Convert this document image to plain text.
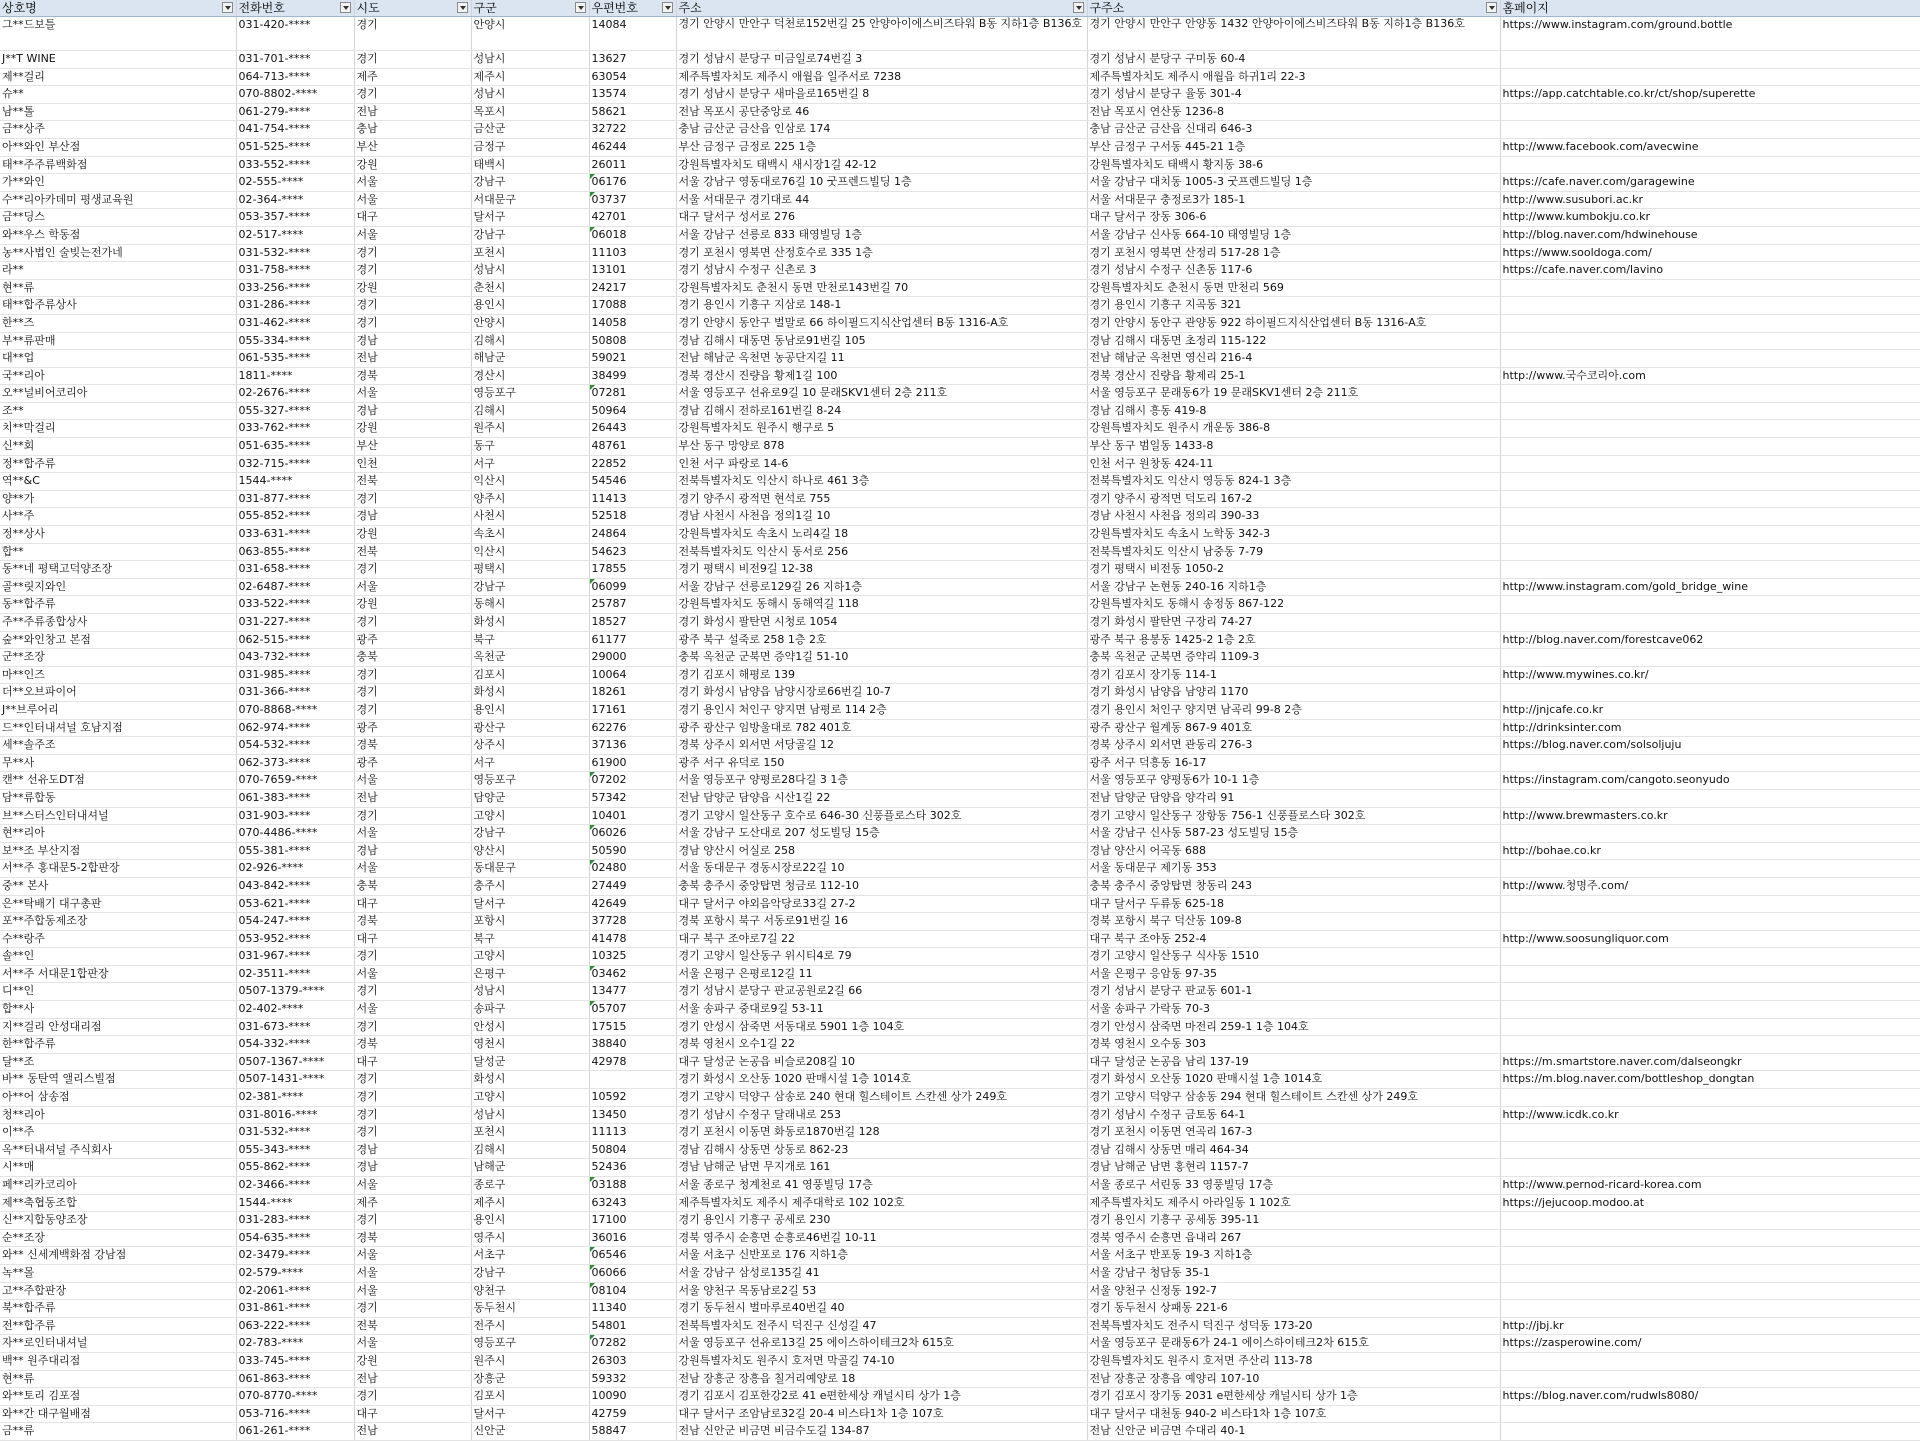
상호명	전화번호	시도	구군	우편번호	주소	구주소	홈페이지
그**드보틀	031-420-****	경기	안양시	14084	경기 안양시 만안구 덕천로152번길 25 안양아이에스비즈타워 B동 지하1층 B136호	경기 안양시 만안구 안양동 1432 안양아이에스비즈타워 B동 지하1층 B136호	https://www.instagram.com/ground.bottle
J**T WINE	031-701-****	경기	성남시	13627	경기 성남시 분당구 미금일로74번길 3	경기 성남시 분당구 구미동 60-4	
제**걸리	064-713-****	제주	제주시	63054	제주특별자치도 제주시 애월읍 일주서로 7238	제주특별자치도 제주시 애월읍 하귀1리 22-3	
슈**	070-8802-****	경기	성남시	13574	경기 성남시 분당구 새마을로165번길 8	경기 성남시 분당구 율동 301-4	https://app.catchtable.co.kr/ct/shop/superette
남**톨	061-279-****	전남	목포시	58621	전남 목포시 공단중앙로 46	전남 목포시 연산동 1236-8	
금**상주	041-754-****	충남	금산군	32722	충남 금산군 금산읍 인삼로 174	충남 금산군 금산읍 신대리 646-3	
아**와인 부산점	051-525-****	부산	금정구	46244	부산 금정구 금정로 225 1층	부산 금정구 구서동 445-21 1층	http://www.facebook.com/avecwine
태**주주류백화점	033-552-****	강원	태백시	26011	강원특별자치도 태백시 새시장1길 42-12	강원특별자치도 태백시 황지동 38-6	
가**와인	02-555-****	서울	강남구	06176	서울 강남구 영동대로76길 10 굿프렌드빌딩 1층	서울 강남구 대치동 1005-3 굿프렌드빌딩 1층	https://cafe.naver.com/garagewine
수**리아카데미 평생교육원	02-364-****	서울	서대문구	03737	서울 서대문구 경기대로 44	서울 서대문구 충정로3가 185-1	http://www.susubori.ac.kr
금**딩스	053-357-****	대구	달서구	42701	대구 달서구 성서로 276	대구 달서구 장동 306-6	http://www.kumbokju.co.kr
와**우스 학동점	02-517-****	서울	강남구	06018	서울 강남구 선릉로 833 태영빌딩 1층	서울 강남구 신사동 664-10 태영빌딩 1층	http://blog.naver.com/hdwinehouse
농**사법인 술빚는전가네	031-532-****	경기	포천시	11103	경기 포천시 영북면 산정호수로 335 1층	경기 포천시 영북면 산정리 517-28 1층	https://www.sooldoga.com/
라**	031-758-****	경기	성남시	13101	경기 성남시 수정구 신촌로 3	경기 성남시 수정구 신촌동 117-6	https://cafe.naver.com/lavino
현**류	033-256-****	강원	춘천시	24217	강원특별자치도 춘천시 동면 만천로143번길 70	강원특별자치도 춘천시 동면 만천리 569	
태**합주류상사	031-286-****	경기	용인시	17088	경기 용인시 기흥구 지삼로 148-1	경기 용인시 기흥구 지곡동 321	
한**즈	031-462-****	경기	안양시	14058	경기 안양시 동안구 벌말로 66 하이필드지식산업센터 B동 1316-A호	경기 안양시 동안구 관양동 922 하이필드지식산업센터 B동 1316-A호	
부**류판매	055-334-****	경남	김해시	50808	경남 김해시 대동면 동남로91번길 105	경남 김해시 대동면 초정리 115-122	
대**업	061-535-****	전남	해남군	59021	전남 해남군 옥천면 농공단지길 11	전남 해남군 옥천면 영신리 216-4	
국**리아	1811-****	경북	경산시	38499	경북 경산시 진량읍 황제1길 100	경북 경산시 진량읍 황제리 25-1	http://www.국수코리아.com
오**널비어코리아	02-2676-****	서울	영등포구	07281	서울 영등포구 선유로9길 10 문래SKV1센터 2층 211호	서울 영등포구 문래동6가 19 문래SKV1센터 2층 211호	
조**	055-327-****	경남	김해시	50964	경남 김해시 전하로161번길 8-24	경남 김해시 흥동 419-8	
치**막걸리	033-762-****	강원	원주시	26443	강원특별자치도 원주시 행구로 5	강원특별자치도 원주시 개운동 386-8	
신**회	051-635-****	부산	동구	48761	부산 동구 망양로 878	부산 동구 범일동 1433-8	
정**합주류	032-715-****	인천	서구	22852	인천 서구 파랑로 14-6	인천 서구 원창동 424-11	
역**&C	1544-****	전북	익산시	54546	전북특별자치도 익산시 하나로 461 3층	전북특별자치도 익산시 영등동 824-1 3층	
양**가	031-877-****	경기	양주시	11413	경기 양주시 광적면 현석로 755	경기 양주시 광적면 덕도리 167-2	
사**주	055-852-****	경남	사천시	52518	경남 사천시 사천읍 정의1길 10	경남 사천시 사천읍 정의리 390-33	
정**상사	033-631-****	강원	속초시	24864	강원특별자치도 속초시 노리4길 18	강원특별자치도 속초시 노학동 342-3	
합**	063-855-****	전북	익산시	54623	전북특별자치도 익산시 동서로 256	전북특별자치도 익산시 남중동 7-79	
동**네 평택고덕양조장	031-658-****	경기	평택시	17855	경기 평택시 비전9길 12-38	경기 평택시 비전동 1050-2	
골**릿지와인	02-6487-****	서울	강남구	06099	서울 강남구 선릉로129길 26 지하1층	서울 강남구 논현동 240-16 지하1층	http://www.instagram.com/gold_bridge_wine
동**합주류	033-522-****	강원	동해시	25787	강원특별자치도 동해시 동해역길 118	강원특별자치도 동해시 송정동 867-122	
주**주류종합상사	031-227-****	경기	화성시	18527	경기 화성시 팔탄면 시청로 1054	경기 화성시 팔탄면 구장리 74-27	
숲**와인창고 본점	062-515-****	광주	북구	61177	광주 북구 설죽로 258 1층 2호	광주 북구 용봉동 1425-2 1층 2호	http://blog.naver.com/forestcave062
군**조장	043-732-****	충북	옥천군	29000	충북 옥천군 군북면 증약1길 51-10	충북 옥천군 군북면 증약리 1109-3	
마**인즈	031-985-****	경기	김포시	10064	경기 김포시 해평로 139	경기 김포시 장기동 114-1	http://www.mywines.co.kr/
더**오브파이어	031-366-****	경기	화성시	18261	경기 화성시 남양읍 남양시장로66번길 10-7	경기 화성시 남양읍 남양리 1170	
J**브루어리	070-8868-****	경기	용인시	17161	경기 용인시 처인구 양지면 남평로 114 2층	경기 용인시 처인구 양지면 남곡리 99-8 2층	http://jnjcafe.co.kr
드**인터내셔널 호남지점	062-974-****	광주	광산구	62276	광주 광산구 임방울대로 782 401호	광주 광산구 월계동 867-9 401호	http://drinksinter.com
세**솔주조	054-532-****	경북	상주시	37136	경북 상주시 외서면 서당골길 12	경북 상주시 외서면 관동리 276-3	https://blog.naver.com/solsoljuju
무**사	062-373-****	광주	서구	61900	광주 서구 유덕로 150	광주 서구 덕흥동 16-17	
캔** 선유도DT점	070-7659-****	서울	영등포구	07202	서울 영등포구 양평로28다길 3 1층	서울 영등포구 양평동6가 10-1 1층	https://instagram.com/cangoto.seonyudo
담**류합동	061-383-****	전남	담양군	57342	전남 담양군 담양읍 시산1길 22	전남 담양군 담양읍 양각리 91	
브**스터스인터내셔널	031-903-****	경기	고양시	10401	경기 고양시 일산동구 호수로 646-30 신풍플로스타 302호	경기 고양시 일산동구 장항동 756-1 신풍플로스타 302호	http://www.brewmasters.co.kr
현**리아	070-4486-****	서울	강남구	06026	서울 강남구 도산대로 207 성도빌딩 15층	서울 강남구 신사동 587-23 성도빌딩 15층	
보**조 부산지점	055-381-****	경남	양산시	50590	경남 양산시 어실로 258	경남 양산시 어곡동 688	http://bohae.co.kr
서**주 홍대문5-2합판장	02-926-****	서울	동대문구	02480	서울 동대문구 경동시장로22길 10	서울 동대문구 제기동 353	
중** 본사	043-842-****	충북	충주시	27449	충북 충주시 중앙탑면 청금로 112-10	충북 충주시 중앙탑면 창동리 243	http://www.청명주.com/
은**탁배기 대구총판	053-621-****	대구	달서구	42649	대구 달서구 야외음악당로33길 27-2	대구 달서구 두류동 625-18	
포**주합동제조장	054-247-****	경북	포항시	37728	경북 포항시 북구 서동로91번길 16	경북 포항시 북구 덕산동 109-8	
수**랑주	053-952-****	대구	북구	41478	대구 북구 조야로7길 22	대구 북구 조야동 252-4	http://www.soosungliquor.com
솔**인	031-967-****	경기	고양시	10325	경기 고양시 일산동구 위시티4로 79	경기 고양시 일산동구 식사동 1510	
서**주 서대문1합판장	02-3511-****	서울	은평구	03462	서울 은평구 은평로12길 11	서울 은평구 응암동 97-35	
디**인	0507-1379-****	경기	성남시	13477	경기 성남시 분당구 판교공원로2길 66	경기 성남시 분당구 판교동 601-1	
합**사	02-402-****	서울	송파구	05707	서울 송파구 중대로9길 53-11	서울 송파구 가락동 70-3	
지**걸리 안성대리점	031-673-****	경기	안성시	17515	경기 안성시 삼죽면 서동대로 5901 1층 104호	경기 안성시 삼죽면 마전리 259-1 1층 104호	
한**합주류	054-332-****	경북	영천시	38840	경북 영천시 오수1길 22	경북 영천시 오수동 303	
달**조	0507-1367-****	대구	달성군	42978	대구 달성군 논공읍 비슬로208길 10	대구 달성군 논공읍 남리 137-19	https://m.smartstore.naver.com/dalseongkr
바** 동탄역 앨리스빌점	0507-1431-****	경기	화성시		경기 화성시 오산동 1020 판매시설 1층 1014호	경기 화성시 오산동 1020 판매시설 1층 1014호	https://m.blog.naver.com/bottleshop_dongtan
아**어 삼송점	02-381-****	경기	고양시	10592	경기 고양시 덕양구 삼송로 240 현대 힐스테이트 스칸센 상가 249호	경기 고양시 덕양구 삼송동 294 현대 힐스테이트 스칸센 상가 249호	
청**리아	031-8016-****	경기	성남시	13450	경기 성남시 수정구 달래내로 253	경기 성남시 수정구 금토동 64-1	http://www.icdk.co.kr
이**주	031-532-****	경기	포천시	11113	경기 포천시 이동면 화동로1870번길 128	경기 포천시 이동면 연곡리 167-3	
옥**터내셔널 주식회사	055-343-****	경남	김해시	50804	경남 김해시 상동면 상동로 862-23	경남 김해시 상동면 매리 464-34	
시**매	055-862-****	경남	남해군	52436	경남 남해군 남면 무지개로 161	경남 남해군 남면 홍현리 1157-7	
페**리카코리아	02-3466-****	서울	종로구	03188	서울 종로구 청계천로 41 영풍빌딩 17층	서울 종로구 서린동 33 영풍빌딩 17층	http://www.pernod-ricard-korea.com
제**축협동조합	1544-****	제주	제주시	63243	제주특별자치도 제주시 제주대학로 102 102호	제주특별자치도 제주시 아라일동 1 102호	https://jejucoop.modoo.at
신**지합동양조장	031-283-****	경기	용인시	17100	경기 용인시 기흥구 공세로 230	경기 용인시 기흥구 공세동 395-11	
순**조장	054-635-****	경북	영주시	36016	경북 영주시 순흥면 순흥로46번길 10-11	경북 영주시 순흥면 읍내리 267	
와** 신세계백화점 강남점	02-3479-****	서울	서초구	06546	서울 서초구 신반포로 176 지하1층	서울 서초구 반포동 19-3 지하1층	
녹**몰	02-579-****	서울	강남구	06066	서울 강남구 삼성로135길 41	서울 강남구 청담동 35-1	
고**주합판장	02-2061-****	서울	양천구	08104	서울 양천구 목동남로2길 53	서울 양천구 신정동 192-7	
북**합주류	031-861-****	경기	동두천시	11340	경기 동두천시 벌마루로40번길 40	경기 동두천시 상패동 221-6	
전**합주류	063-222-****	전북	전주시	54801	전북특별자치도 전주시 덕진구 신성길 47	전북특별자치도 전주시 덕진구 성덕동 173-20	http://jbj.kr
자**로인터내셔널	02-783-****	서울	영등포구	07282	서울 영등포구 선유로13길 25 에이스하이테크2차 615호	서울 영등포구 문래동6가 24-1 에이스하이테크2차 615호	https://zasperowine.com/
백** 원주대리점	033-745-****	강원	원주시	26303	강원특별자치도 원주시 호저면 막골길 74-10	강원특별자치도 원주시 호저면 주산리 113-78	
현**류	061-863-****	전남	장흥군	59332	전남 장흥군 장흥읍 칠거리예양로 18	전남 장흥군 장흥읍 예양리 107-10	
와**토리 김포점	070-8770-****	경기	김포시	10090	경기 김포시 김포한강2로 41 e편한세상 캐널시티 상가 1층	경기 김포시 장기동 2031 e편한세상 캐널시티 상가 1층	https://blog.naver.com/rudwls8080/
와**간 대구월배점	053-716-****	대구	달서구	42759	대구 달서구 조암남로32길 20-4 비스타1차 1층 107호	대구 달서구 대천동 940-2 비스타1차 1층 107호	
금**류	061-261-****	전남	신안군	58847	전남 신안군 비금면 비금수도길 134-87	전남 신안군 비금면 수대리 40-1	
